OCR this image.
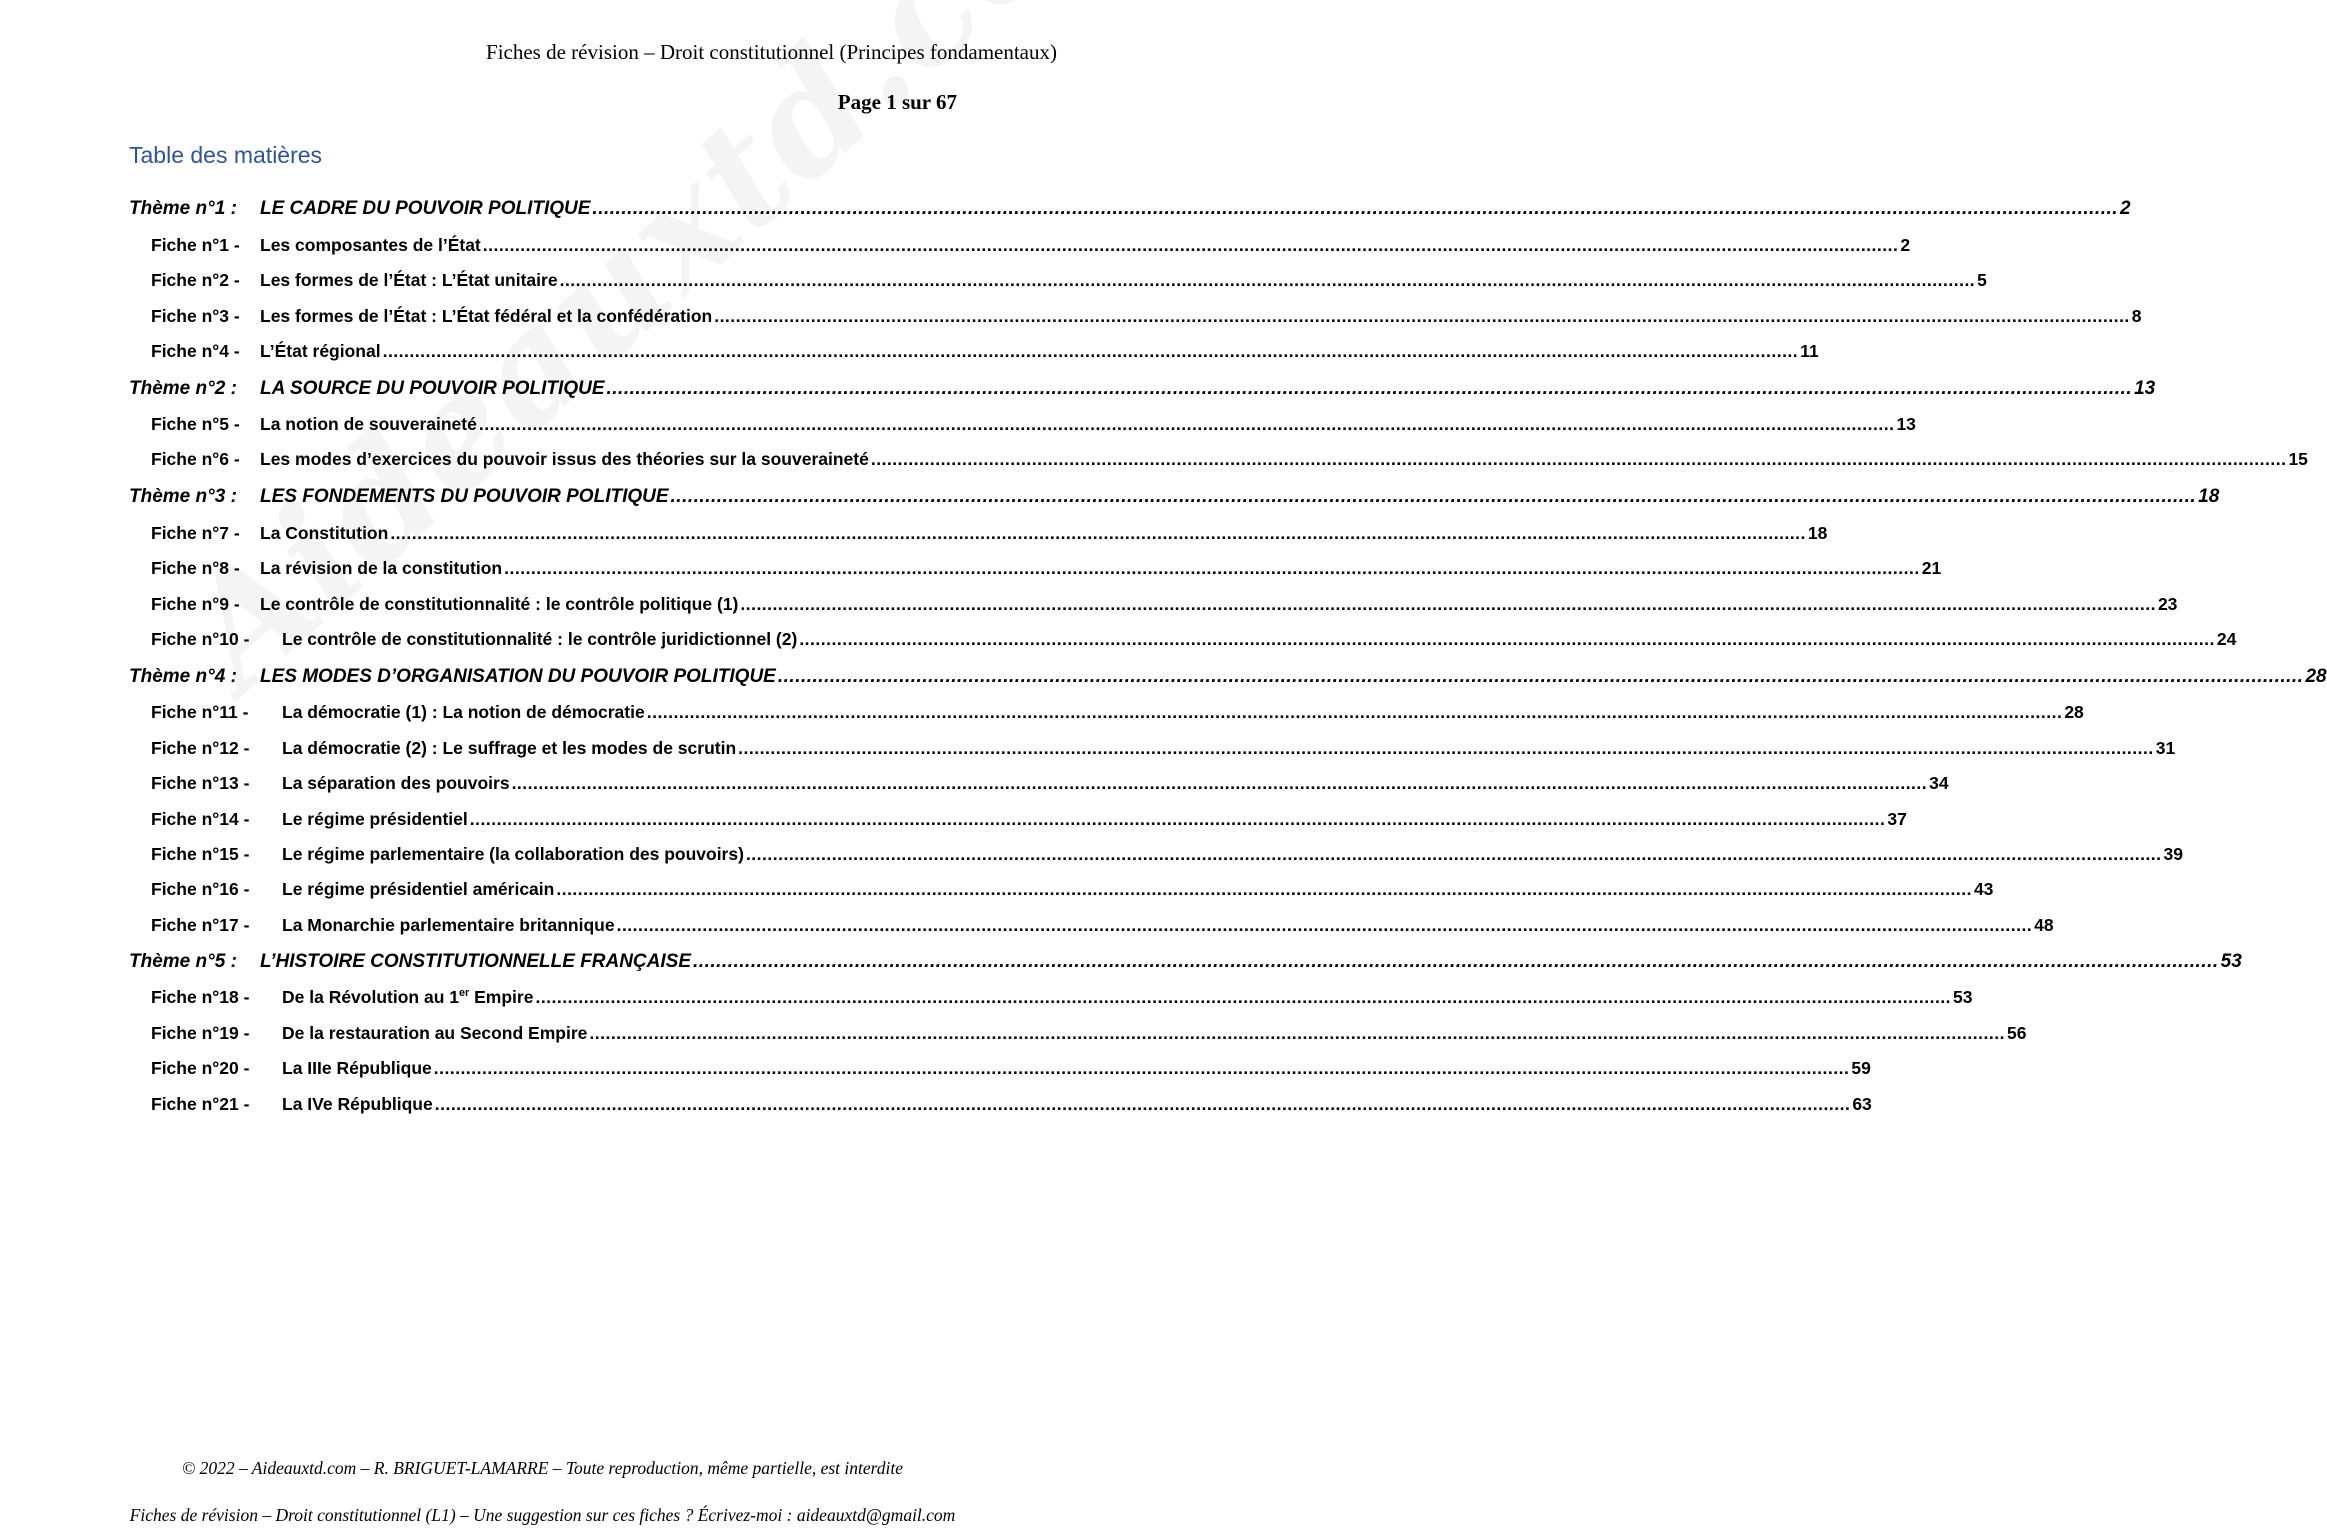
Fiches de révision – Droit constitutionnel (Principes fondamentaux)
Page 1 sur 67
Table des matières
Thème n°1 :	LE CADRE DU POUVOIR POLITIQUE ........................................................................................................................................................................................................................................................................ 2
Fiche n°1 -	Les composantes de l’État ........................................................................................................................................................................................................................................................................ 2
Fiche n°2 -	Les formes de l’État : L’État unitaire ........................................................................................................................................................................................................................................................................ 5
Fiche n°3 -	Les formes de l’État : L’État fédéral et la confédération ........................................................................................................................................................................................................................................................................ 8
Fiche n°4 -	L’État régional ........................................................................................................................................................................................................................................................................ 11
Thème n°2 :	LA SOURCE DU POUVOIR POLITIQUE ........................................................................................................................................................................................................................................................................ 13
Fiche n°5 -	La notion de souveraineté ........................................................................................................................................................................................................................................................................ 13
Fiche n°6 -	Les modes d’exercices du pouvoir issus des théories sur la souveraineté ........................................................................................................................................................................................................................................................................ 15
Thème n°3 :	LES FONDEMENTS DU POUVOIR POLITIQUE ........................................................................................................................................................................................................................................................................ 18
Fiche n°7 -	La Constitution ........................................................................................................................................................................................................................................................................ 18
Fiche n°8 -	La révision de la constitution ........................................................................................................................................................................................................................................................................ 21
Fiche n°9 -	Le contrôle de constitutionnalité : le contrôle politique (1) ........................................................................................................................................................................................................................................................................ 23
Fiche n°10 -	Le contrôle de constitutionnalité : le contrôle juridictionnel (2) ........................................................................................................................................................................................................................................................................ 24
Thème n°4 :	LES MODES D’ORGANISATION DU POUVOIR POLITIQUE ........................................................................................................................................................................................................................................................................ 28
Fiche n°11 -	La démocratie (1) : La notion de démocratie ........................................................................................................................................................................................................................................................................ 28
Fiche n°12 -	La démocratie (2) : Le suffrage et les modes de scrutin ........................................................................................................................................................................................................................................................................ 31
Fiche n°13 -	La séparation des pouvoirs ........................................................................................................................................................................................................................................................................ 34
Fiche n°14 -	Le régime présidentiel ........................................................................................................................................................................................................................................................................ 37
Fiche n°15 -	Le régime parlementaire (la collaboration des pouvoirs) ........................................................................................................................................................................................................................................................................ 39
Fiche n°16 -	Le régime présidentiel américain ........................................................................................................................................................................................................................................................................ 43
Fiche n°17 -	La Monarchie parlementaire britannique ........................................................................................................................................................................................................................................................................ 48
Thème n°5 :	L’HISTOIRE CONSTITUTIONNELLE FRANÇAISE ........................................................................................................................................................................................................................................................................ 53
Fiche n°18 -	De la Révolution au 1er Empire ........................................................................................................................................................................................................................................................................ 53
Fiche n°19 -	De la restauration au Second Empire ........................................................................................................................................................................................................................................................................ 56
Fiche n°20 -	La IIIe République ........................................................................................................................................................................................................................................................................ 59
Fiche n°21 -	La IVe République ........................................................................................................................................................................................................................................................................ 63
© 2022 – Aideauxtd.com – R. BRIGUET-LAMARRE – Toute reproduction, même partielle, est interdite
Fiches de révision – Droit constitutionnel (L1) – Une suggestion sur ces fiches ? Écrivez-moi : aideauxtd@gmail.com
